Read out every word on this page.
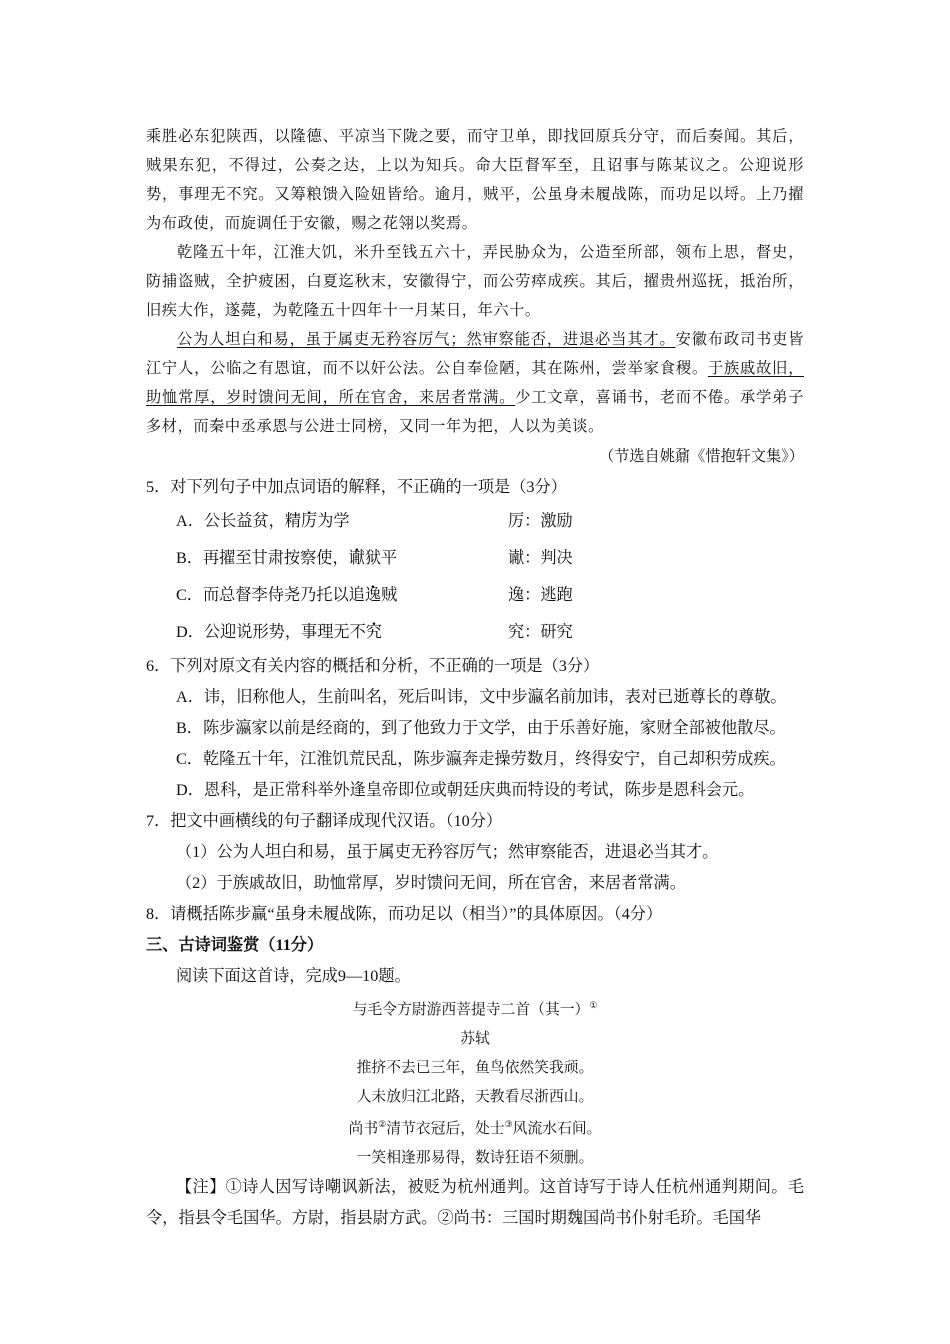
乘胜必东犯陕西，以隆德、平凉当下陇之要，而守卫单，即找回原兵分守，而后奏闻。其后，贼果东犯，不得过，公奏之达，上以为知兵。命大臣督军至，且诏事与陈某议之。公迎说形势，事理无不究。又筹粮馈入险妞皆给。逾月，贼平，公虽身未履战陈，而功足以埒。上乃擢为布政使，而旋调任于安徽，赐之花翎以奖焉。

乾隆五十年，江淮大饥，米升至钱五六十，弄民胁众为，公造至所部，领布上思，督史，防捕盗贼，全护疲困，白夏迄秋末，安徽得宁，而公劳瘁成疾。其后，擢贵州巡抚，抵治所，旧疾大作，遂薨，为乾隆五十四年十一月某日，年六十。

公为人坦白和易，虽于属吏无矜容厉气；然审察能否，进退必当其才。安徽布政司书吏皆江宁人，公临之有恩谊，而不以奸公法。公自奉俭陋，其在陈州，尝举家食稷。于族戚故旧，助恤常厚，岁时馈问无间，所在官舍，来居者常满。少工文章，喜诵书，老而不倦。承学弟子多材，而秦中丞承恩与公进士同榜，又同一年为把，人以为美谈。

（节选自姚鼐《惜抱轩文集》）

5．对下列句子中加点词语的解释，不正确的一项是（3分）

A．公长益贫，精厉为学	厉：激励
B．再擢至甘肃按察使，谳狱平	谳：判决
C．而总督李侍尧乃托以追逸贼	逸：逃跑
D．公迎说形势，事理无不究	究：研究

6．下列对原文有关内容的概括和分析，不正确的一项是（3分）

A．讳，旧称他人，生前叫名，死后叫讳，文中步瀛名前加讳，表对已逝尊长的尊敬。

B．陈步瀛家以前是经商的，到了他致力于文学，由于乐善好施，家财全部被他散尽。

C．乾隆五十年，江淮饥荒民乱，陈步瀛奔走操劳数月，终得安宁，自己却积劳成疾。

D．恩科，是正常科举外逢皇帝即位或朝廷庆典而特设的考试，陈步是恩科会元。

7．把文中画横线的句子翻译成现代汉语。（10分）

（1）公为人坦白和易，虽于属吏无矜容厉气；然审察能否，进退必当其才。

（2）于族戚故旧，助恤常厚，岁时馈问无间，所在官舍，来居者常满。

8．请概括陈步赢“虽身未履战陈，而功足以（相当）”的具体原因。（4分）

三、古诗词鉴赏（11分）

阅读下面这首诗，完成9—10题。

与毛令方尉游西菩提寺二首（其一）①

苏轼

推挤不去已三年，鱼鸟依然笑我顽。

人未放归江北路，天教看尽浙西山。

尚书②清节衣冠后，处士③风流水石间。

一笑相逢那易得，数诗狂语不须删。

【注】①诗人因写诗嘲讽新法，被贬为杭州通判。这首诗写于诗人任杭州通判期间。毛令，指县令毛国华。方尉，指县尉方武。②尚书：三国时期魏国尚书仆射毛玠。毛国华
